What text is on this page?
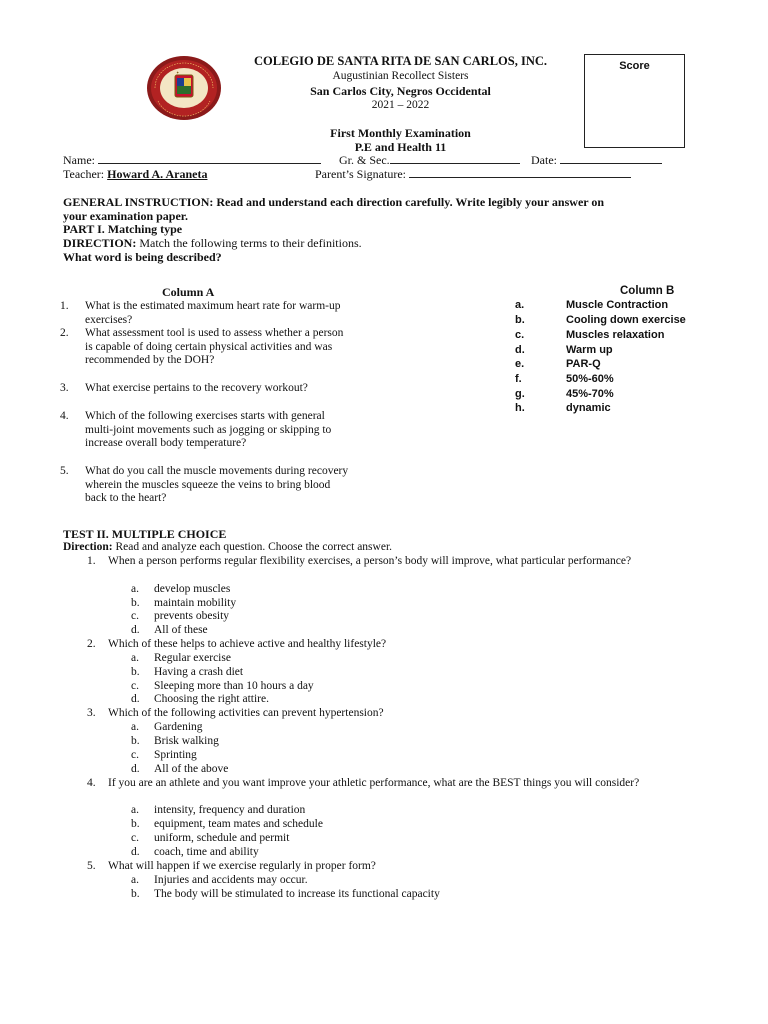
✦
Score
COLEGIO DE SANTA RITA DE SAN CARLOS, INC.
Augustinian Recollect Sisters
San Carlos City, Negros Occidental
2021 – 2022
First Monthly Examination
P.E and Health 11
Name:	Gr. & Sec.	Date:
Teacher: Howard A. Araneta	Parent’s Signature:
GENERAL INSTRUCTION: Read and understand each direction carefully. Write legibly your answer on
your examination paper.
PART I. Matching type
DIRECTION: Match the following terms to their definitions.
What word is being described?
Column A
1. What is the estimated maximum heart rate for warm-up exercises?
2. What assessment tool is used to assess whether a person is capable of doing certain physical activities and was recommended by the DOH?
3. What exercise pertains to the recovery workout?
4. Which of the following exercises starts with general multi-joint movements such as jogging or skipping to increase overall body temperature?
5. What do you call the muscle movements during recovery wherein the muscles squeeze the veins to bring blood back to the heart?
Column B
a.	Muscle Contraction
b.	Cooling down exercise
c.	Muscles relaxation
d.	Warm up
e.	PAR-Q
f.	50%-60%
g.	45%-70%
h.	dynamic
TEST II. MULTIPLE CHOICE
Direction: Read and analyze each question. Choose the correct answer.
1. When a person performs regular flexibility exercises, a person’s body will improve, what particular performance?
a. develop muscles
b. maintain mobility
c. prevents obesity
d. All of these
2. Which of these helps to achieve active and healthy lifestyle?
a. Regular exercise
b. Having a crash diet
c. Sleeping more than 10 hours a day
d. Choosing the right attire.
3. Which of the following activities can prevent hypertension?
a. Gardening
b. Brisk walking
c. Sprinting
d. All of the above
4. If you are an athlete and you want improve your athletic performance, what are the BEST things you will consider?
a. intensity, frequency and duration
b. equipment, team mates and schedule
c. uniform, schedule and permit
d. coach, time and ability
5. What will happen if we exercise regularly in proper form?
a. Injuries and accidents may occur.
b. The body will be stimulated to increase its functional capacity
